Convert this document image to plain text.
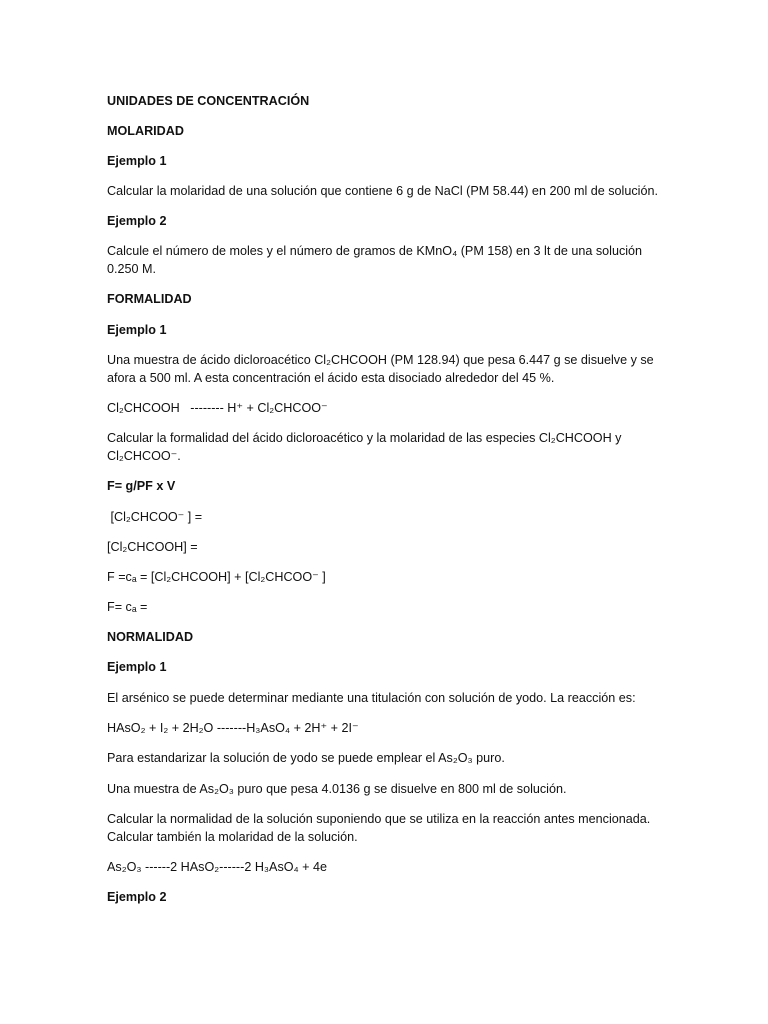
UNIDADES DE CONCENTRACIÓN
MOLARIDAD
Ejemplo 1
Calcular la molaridad de una solución que contiene 6 g de NaCl (PM 58.44) en 200 ml de solución.
Ejemplo 2
Calcule el número de moles y el número de gramos de KMnO₄ (PM 158) en 3 lt de una solución
0.250 M.
FORMALIDAD
Ejemplo 1
Una muestra de ácido dicloroacético Cl₂CHCOOH (PM 128.94) que pesa 6.447 g se disuelve y se
afora a 500 ml. A esta concentración el ácido esta disociado alrededor del 45 %.
Cl₂CHCOOH   -------- H⁺ + Cl₂CHCOO⁻
Calcular la formalidad del ácido dicloroacético y la molaridad de las especies Cl₂CHCOOH y
Cl₂CHCOO⁻.
F= g/PF x V
[Cl₂CHCOO⁻ ] =
[Cl₂CHCOOH] =
F =cₐ = [Cl₂CHCOOH] + [Cl₂CHCOO⁻ ]
F= cₐ =
NORMALIDAD
Ejemplo 1
El arsénico se puede determinar mediante una titulación con solución de yodo. La reacción es:
HAsO₂ + I₂ + 2H₂O -------H₃AsO₄ + 2H⁺ + 2I⁻
Para estandarizar la solución de yodo se puede emplear el As₂O₃ puro.
Una muestra de As₂O₃ puro que pesa 4.0136 g se disuelve en 800 ml de solución.
Calcular la normalidad de la solución suponiendo que se utiliza en la reacción antes mencionada.
Calcular también la molaridad de la solución.
As₂O₃ ------2 HAsO₂------2 H₃AsO₄ + 4e
Ejemplo 2
